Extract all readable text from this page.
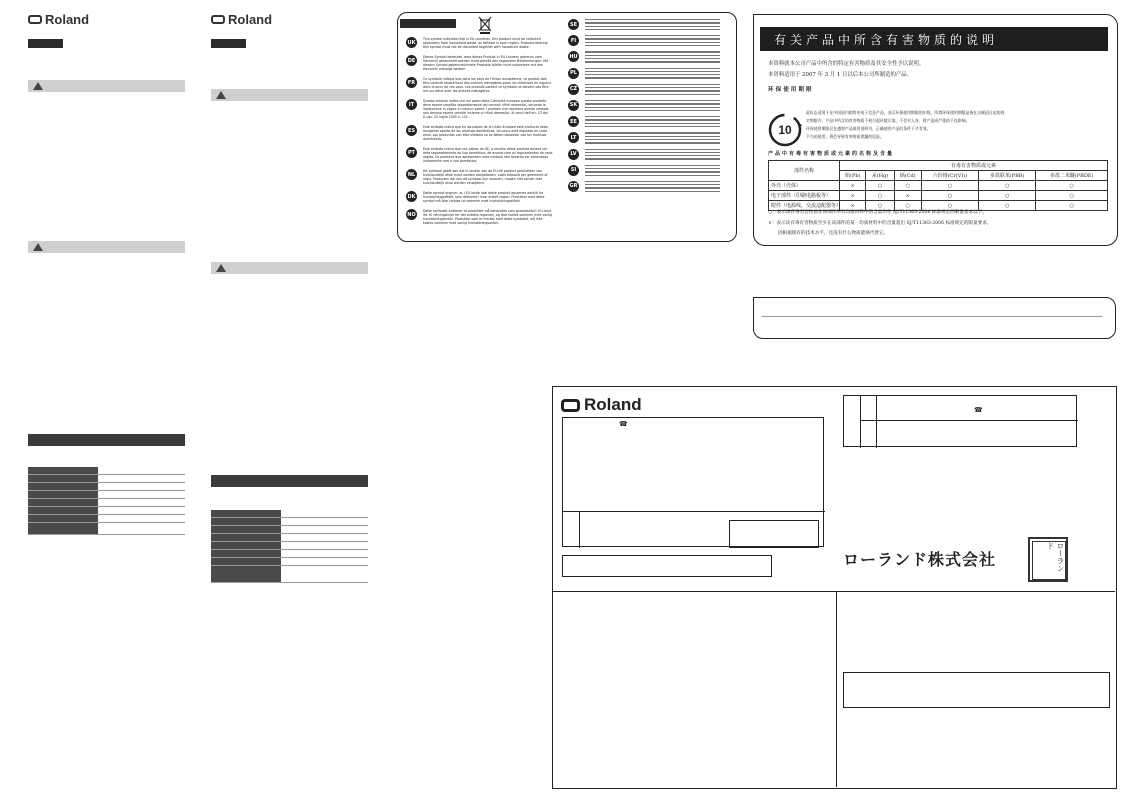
Roland

		Roland

UK
This symbol indicates that in EU countries, this product must be collected separately from household waste, as defined in each region. Products bearing this symbol must not be discarded together with household waste.
DE
Dieses Symbol bedeutet, dass dieses Produkt in EU-Ländern getrennt vom Hausmüll gesammelt werden muss gemäß den regionalen Bestimmungen. Mit diesem Symbol gekennzeichnete Produkte dürfen nicht zusammen mit den Hausmüll entsorgt werden.
FR
Ce symbole indique que dans les pays de l'Union européenne, ce produit doit être collecté séparément des ordures ménagères selon les directives en vigueur dans chacun de ces pays. Les produits portant ce symbole ne doivent pas être mis au rebut avec les ordures ménagères.
IT
Questo simbolo indica che nei paesi della Comunità europea questo prodotto deve essere smaltito separatamente dai normali rifiuti domestici, secondo la legislazione in vigore in ciascun paese. I prodotti che riportano questo simbolo non devono essere smaltiti insieme ai rifiuti domestici. Ai sensi dell'art. 13 del D.Lgs. 25 luglio 2005 n. 151.
ES
Este símbolo indica que en los países de la Unión Europea este producto debe recogerse aparte de los residuos domésticos, tal como esté regulado en cada zona. Los productos con este símbolo no se deben depositar con los residuos domésticos.
PT
Este símbolo indica que nos países da UE, a recolha deste produto deverá ser feita separadamente do lixo doméstico, de acordo com os regulamentos de cada região. Os produtos que apresentem este símbolo não deverão ser eliminados juntamente com o lixo doméstico.
NL
Dit symbool geeft aan dat in landen van de EU dit product gescheiden van huishoudelijk afval moet worden aangeboden, zoals bepaald per gemeente of regio. Producten die van dit symbool zijn voorzien, mogen niet samen met huishoudelijk afval worden verwijderd.
DK
Dette symbol angiver, at i EU-lande skal dette produkt opsamles adskilt fra husholdningsaffald, som defineret i hver enkelt region. Produkter med dette symbol må ikke smides ud sammen med husholdningsaffald.
NO
Dette symbolet indikerer at produktet må behandles som spesialavfall i EU-land, iht. til retningslinjer for det enkelte regionen, og ikke kastes sammen med vanlig husholdningsavfall. Produkter som er merket med dette symbolet, må ikke kastes sammen med vanlig husholdningsavfall.
SE
FI
HU
PL
CZ
SK
EE
LT
LV
SI
GR
有关产品中所含有害物质的说明
本资料就本公司产品中所含的特定有害物质及其安全性予以说明。
本资料适用于 2007 年 3 月 1 日以后本公司所制造的产品。
环保使用期限
10
此标志适用于在中国国内销售的电子信息产品，表示环保使用期限的年数。所谓环保使用期限是指在自制造日起的规
定期限内，产品中所含的有害物质不致引起环境污染，不会对人身、财产造成严重的不良影响。
环保使用期限仅在遵照产品使用说明书，正确使用产品的条件下才有效。
不当的使用，将会导致有害物质泄漏的危险。
产品中有毒有害物质或元素的名称及含量
部件名称	有毒有害物质或元素					
	铅(Pb)	汞(Hg)	镉(Cd)	六价铬(Cr(VI))	多溴联苯(PBB)	多溴二苯醚(PBDE)
外壳（壳体）	×	○	○	○	○	○
电子部件（印刷电路板等）	×	○	×	○	○	○
附件（电源线、交流适配器等）	×	○	○	○	○	○
○：表示该有毒有害物质在该部件所有均质材料中的含量均在 SJ/T11363-2006 标准规定的限量要求以下。
×：表示该有毒有害物质至少在该部件的某一均质材料中的含量超出 SJ/T11363-2006 标准规定的限量要求。
因根据现有的技术水平，还没有什么物质能够代替它。
Roland
☎
☎
ローランド株式会社	ローランド
